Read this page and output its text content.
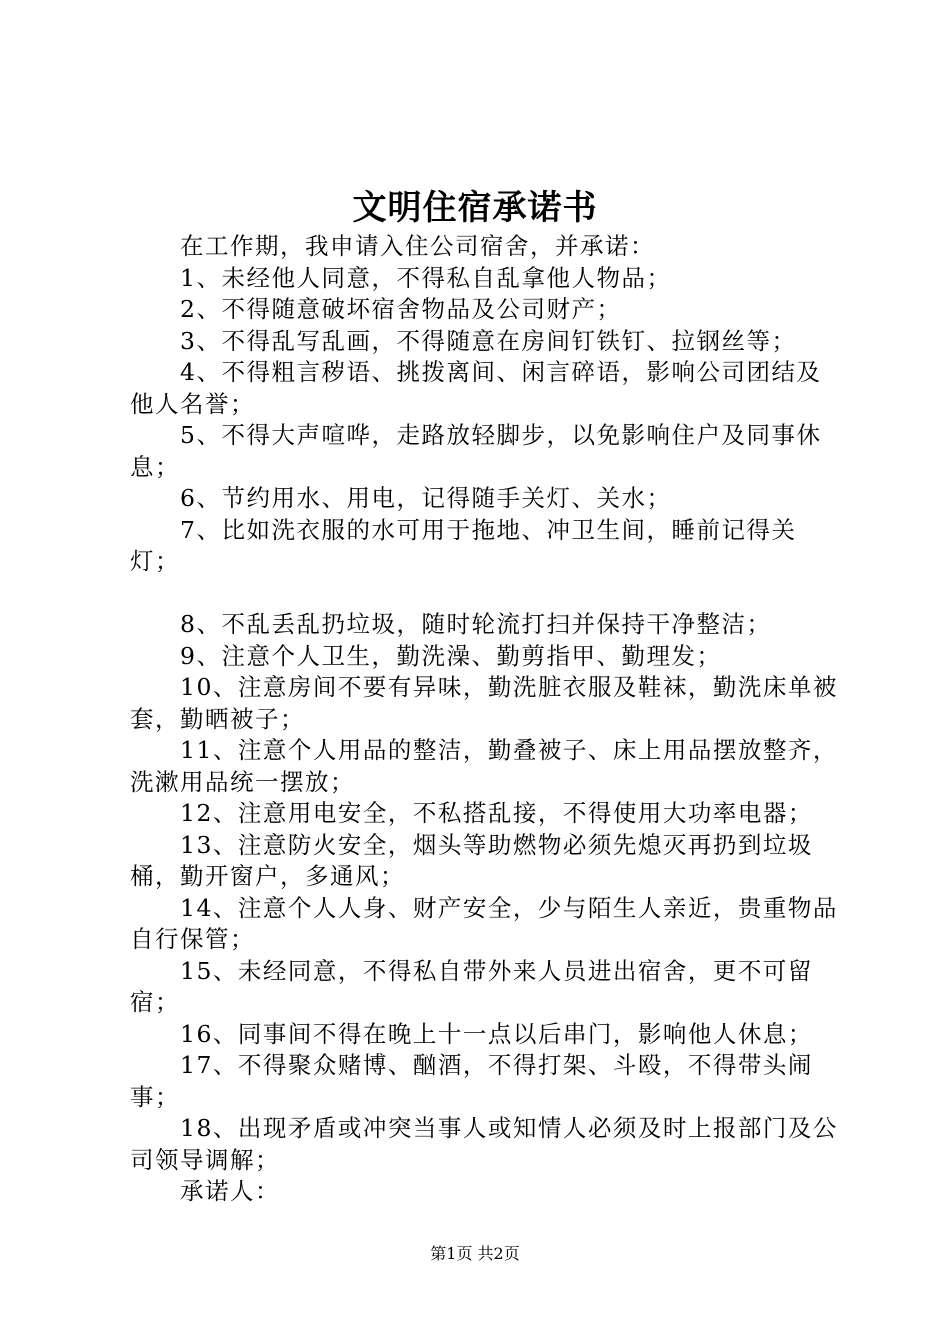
文明住宿承诺书

在工作期，我申请入住公司宿舍，并承诺：

1、未经他人同意，不得私自乱拿他人物品；

2、不得随意破坏宿舍物品及公司财产；

3、不得乱写乱画，不得随意在房间钉铁钉、拉钢丝等；

4、不得粗言秽语、挑拨离间、闲言碎语，影响公司团结及他人名誉；

5、不得大声喧哗，走路放轻脚步，以免影响住户及同事休息；

6、节约用水、用电，记得随手关灯、关水；

7、比如洗衣服的水可用于拖地、冲卫生间，睡前记得关灯；

8、不乱丢乱扔垃圾，随时轮流打扫并保持干净整洁；

9、注意个人卫生，勤洗澡、勤剪指甲、勤理发；

10、注意房间不要有异味，勤洗脏衣服及鞋袜，勤洗床单被套，勤晒被子；

11、注意个人用品的整洁，勤叠被子、床上用品摆放整齐，洗漱用品统一摆放；

12、注意用电安全，不私搭乱接，不得使用大功率电器；

13、注意防火安全，烟头等助燃物必须先熄灭再扔到垃圾桶，勤开窗户，多通风；

14、注意个人人身、财产安全，少与陌生人亲近，贵重物品自行保管；

15、未经同意，不得私自带外来人员进出宿舍，更不可留宿；

16、同事间不得在晚上十一点以后串门，影响他人休息；

17、不得聚众赌博、酗酒，不得打架、斗殴，不得带头闹事；

18、出现矛盾或冲突当事人或知情人必须及时上报部门及公司领导调解；

承诺人：

第1页 共2页
